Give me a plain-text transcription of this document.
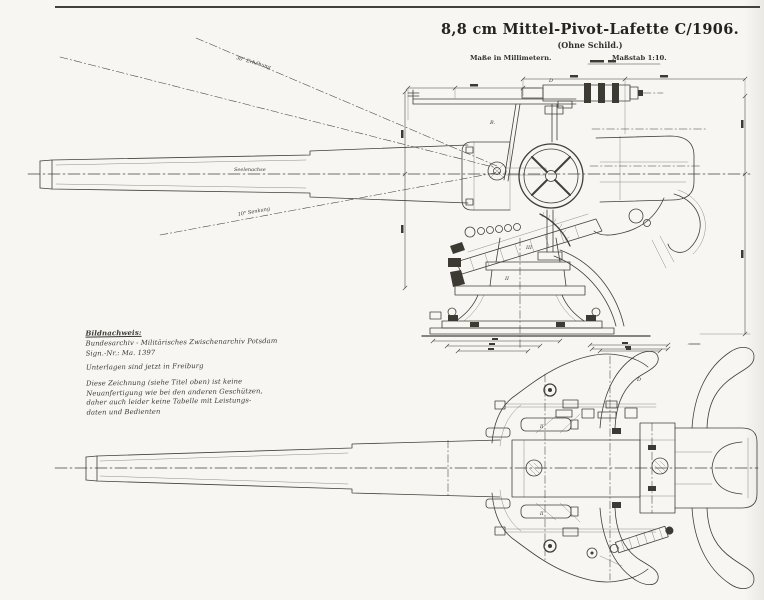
Seelenachse
30° Erhöhung
10° Senkung
D
II
III
B.
D
II
II
8,8 cm Mittel-Pivot-Lafette C/1906.
(Ohne Schild.)
Maße in Millimetern.	Maßstab 1:10.

Bildnachweis:

Bundesarchiv - Militärisches Zwischenarchiv Potsdam

Sign.-Nr.: Ma. 1397

Unterlagen sind jetzt in Freiburg

Diese Zeichnung (siehe Titel oben) ist keine

Neuanfertigung wie bei den anderen Geschützen,

daher auch leider keine Tabelle mit Leistungs-

daten und Bedienten
